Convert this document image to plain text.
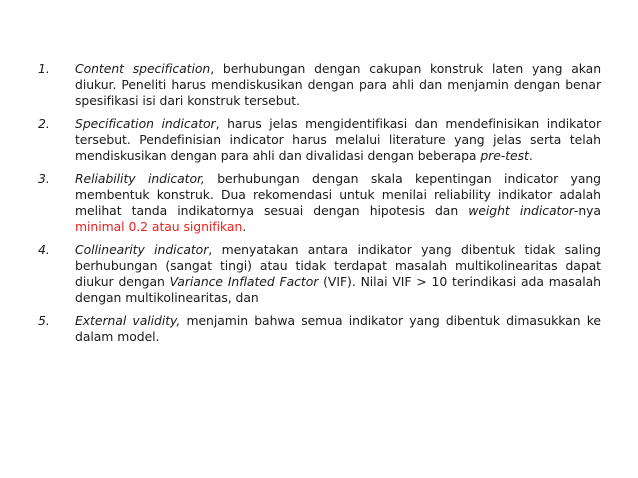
1.	Content specification, berhubungan dengan cakupan konstruk laten yang akan diukur. Peneliti harus mendiskusikan dengan para ahli dan menjamin dengan benar spesifikasi isi dari konstruk tersebut.
2.	Specification indicator, harus jelas mengidentifikasi dan mendefinisikan indikator tersebut. Pendefinisian indicator harus melalui literature yang jelas serta telah mendiskusikan dengan para ahli dan divalidasi dengan beberapa pre-test.
3.	Reliability indicator, berhubungan dengan skala kepentingan indicator yang membentuk konstruk. Dua rekomendasi untuk menilai reliability indikator adalah melihat tanda indikatornya sesuai dengan hipotesis dan weight indicator-nya minimal 0.2 atau signifikan.
4.	Collinearity indicator, menyatakan antara indikator yang dibentuk tidak saling berhubungan (sangat tingi) atau tidak terdapat masalah multikolinearitas dapat diukur dengan Variance Inflated Factor (VIF). Nilai VIF > 10 terindikasi ada masalah dengan multikolinearitas, dan
5.	External validity, menjamin bahwa semua indikator yang dibentuk dimasukkan ke dalam model.
